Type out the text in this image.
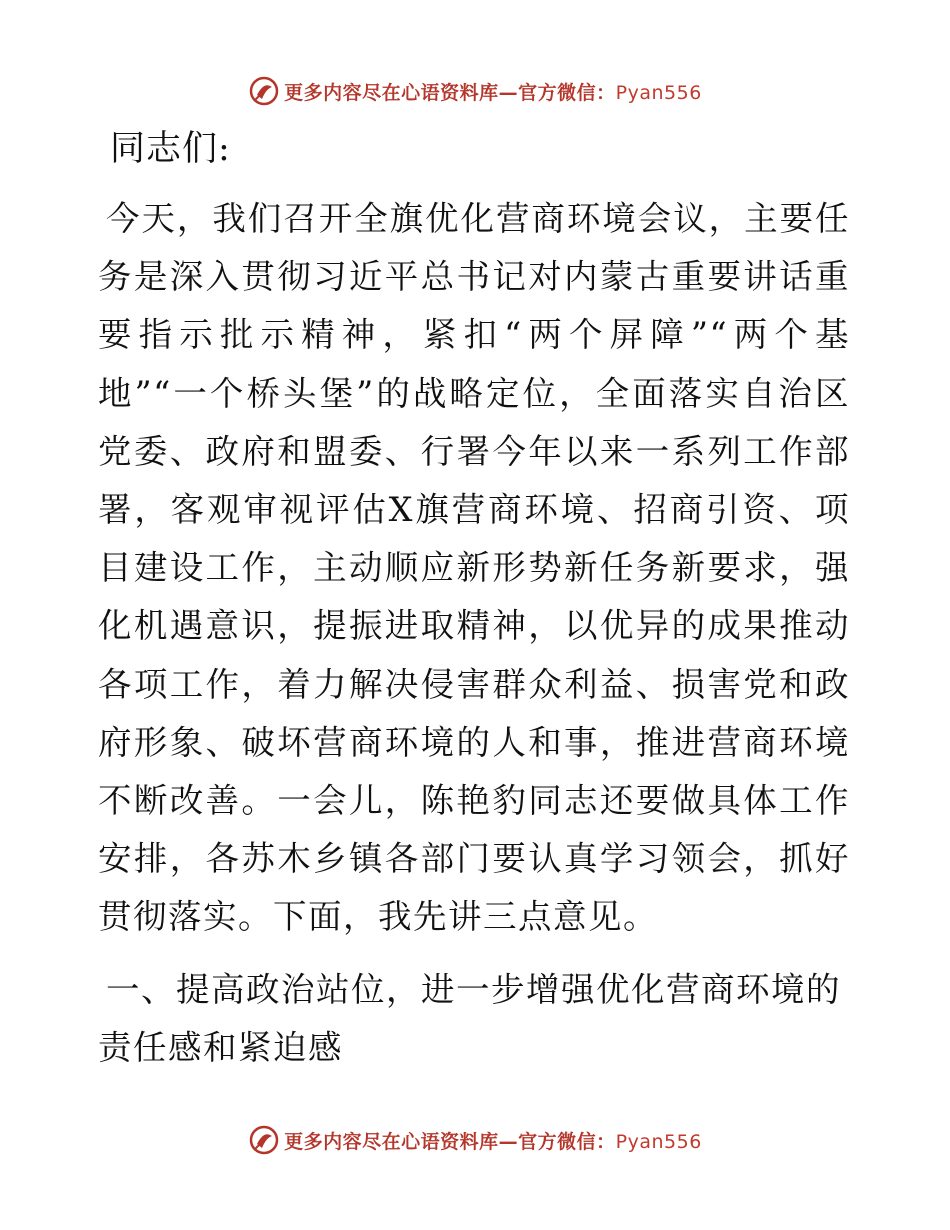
更多内容尽在心语资料库—官方微信：Pyan556
同志们:

今天，我们召开全旗优化营商环境会议，主要任务是深入贯彻习近平总书记对内蒙古重要讲话重要指示批示精神，紧扣“两个屏障”“两个基地”“一个桥头堡”的战略定位，全面落实自治区党委、政府和盟委、行署今年以来一系列工作部署，客观审视评估X旗营商环境、招商引资、项目建设工作，主动顺应新形势新任务新要求，强化机遇意识，提振进取精神，以优异的成果推动各项工作，着力解决侵害群众利益、损害党和政府形象、破坏营商环境的人和事，推进营商环境不断改善。一会儿，陈艳豹同志还要做具体工作安排，各苏木乡镇各部门要认真学习领会，抓好贯彻落实。下面，我先讲三点意见。

一、提高政治站位，进一步增强优化营商环境的责任感和紧迫感
更多内容尽在心语资料库—官方微信：Pyan556
